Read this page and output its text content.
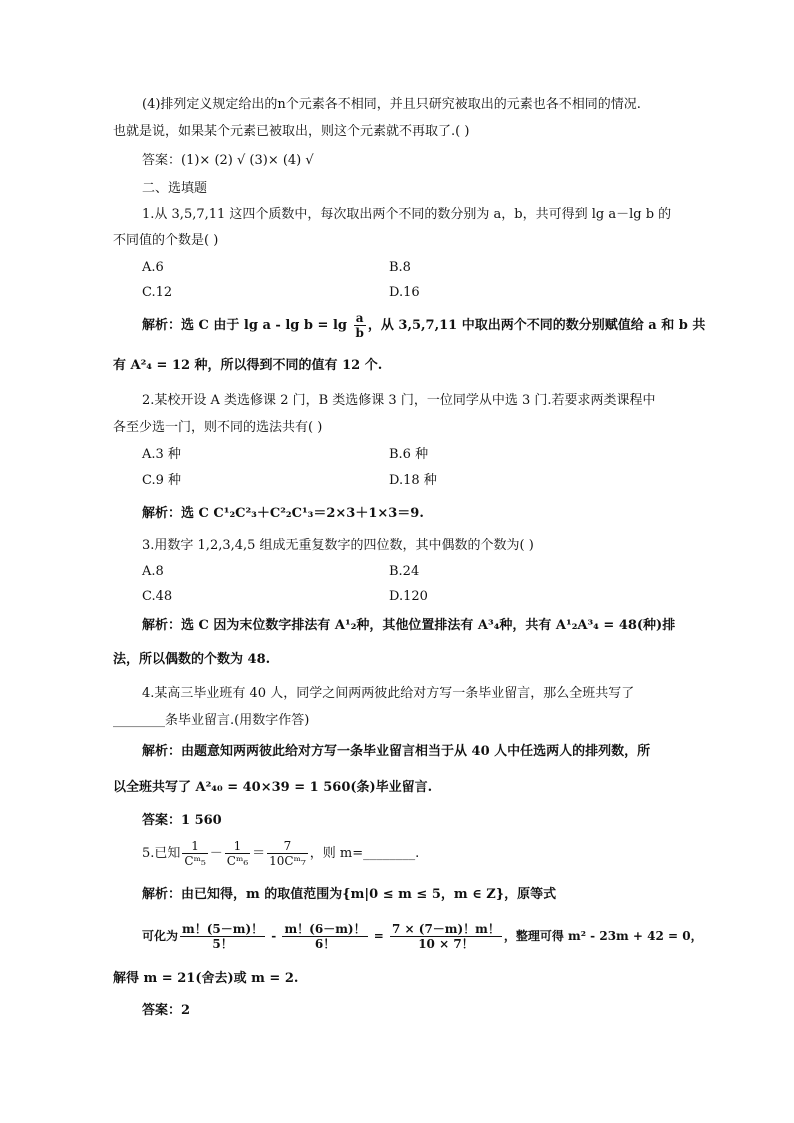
(4)排列定义规定给出的n个元素各不相同，并且只研究被取出的元素也各不相同的情况.
也就是说，如果某个元素已被取出，则这个元素就不再取了.( )
答案：(1)× (2) √ (3)× (4) √
二、选填题
1.从 3,5,7,11 这四个质数中，每次取出两个不同的数分别为 a，b，共可得到 lg a－lg b 的
不同值的个数是( )
A.6	B.8
C.12	D.16
解析：选 C 由于 $\lg a - \lg b = \lg \frac{a}{b}$ ，从 3,5,7,11 中取出两个不同的数分别赋值给 a 和 b 共
有 A²₄ = 12 种，所以得到不同的值有 12 个.
2.某校开设 A 类选修课 2 门，B 类选修课 3 门，一位同学从中选 3 门.若要求两类课程中
各至少选一门，则不同的选法共有( )
A.3 种	B.6 种
C.9 种	D.18 种
解析：选 C C¹₂C²₃＋C²₂C¹₃＝2×3＋1×3＝9.
3.用数字 1,2,3,4,5 组成无重复数字的四位数，其中偶数的个数为( )
A.8	B.24
C.48	D.120
解析：选 C 因为末位数字排法有 A¹₂种，其他位置排法有 A³₄种，共有 A¹₂A³₄ = 48(种)排
法，所以偶数的个数为 48.
4.某高三毕业班有 40 人，同学之间两两彼此给对方写一条毕业留言，那么全班共写了
________条毕业留言.(用数字作答)
解析：由题意知两两彼此给对方写一条毕业留言相当于从 40 人中任选两人的排列数，所
以全班共写了 A²₄₀ = 40×39 = 1 560(条)毕业留言.
答案：1 560
5.已知 $\frac{1}{\text{Cᵐ₅}} - \frac{1}{\text{Cᵐ₆}} = \frac{7}{\text{10Cᵐ₇}}$ ，则 m=________.
解析：由已知得，m 的取值范围为{m|0 ≤ m ≤ 5，m ∈ Z}，原等式
可化为 $\frac{m!(5-m)!}{5!} - \frac{m!(6-m)!}{6!} = \frac{7 \times (7-m)!m!}{10 \times 7!}$ ，整理可得 m² - 23m + 42 = 0，
解得 m = 21(舍去)或 m = 2.
答案：2
